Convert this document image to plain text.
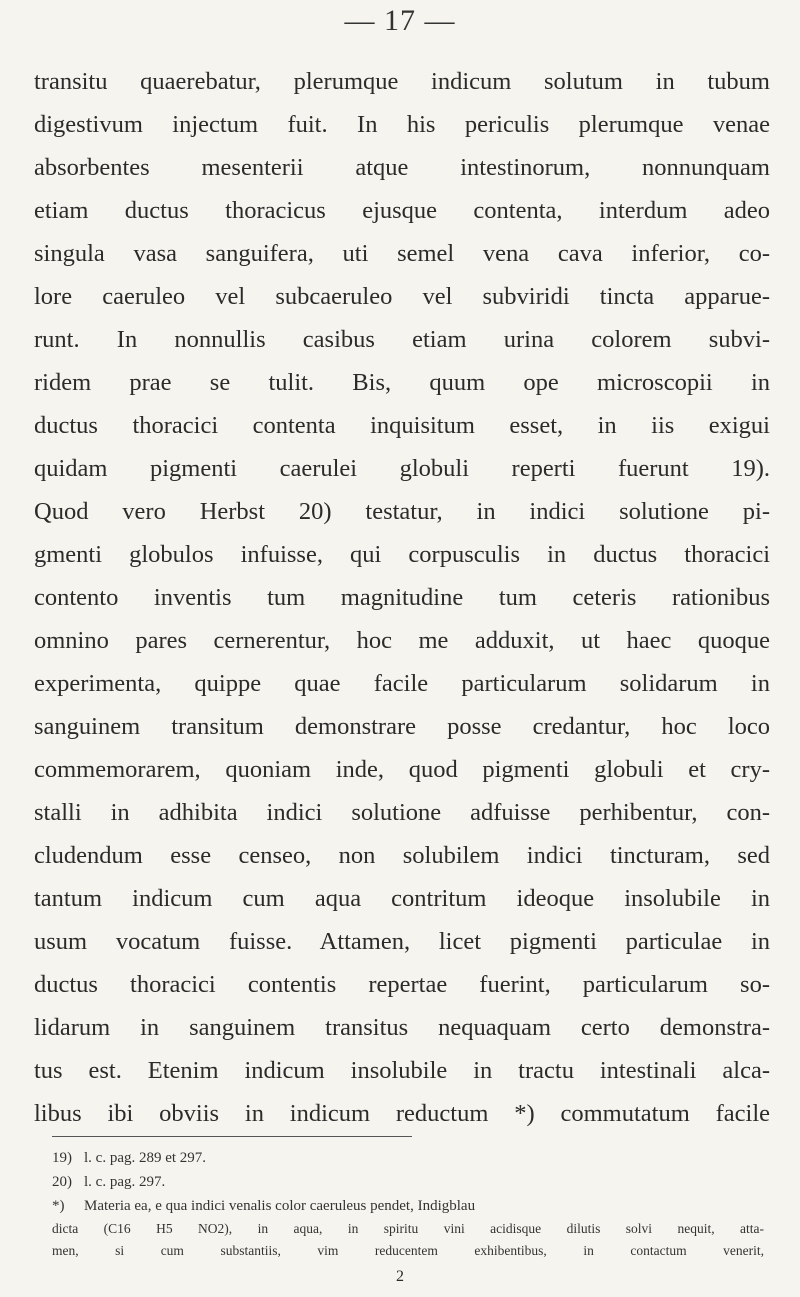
— 17 —
transitu quaerebatur, plerumque indicum solutum in tubum
digestivum injectum fuit. In his periculis plerumque venae
absorbentes mesenterii atque intestinorum, nonnunquam
etiam ductus thoracicus ejusque contenta, interdum adeo
singula vasa sanguifera, uti semel vena cava inferior, co-
lore caeruleo vel subcaeruleo vel subviridi tincta apparue-
runt. In nonnullis casibus etiam urina colorem subvi-
ridem prae se tulit. Bis, quum ope microscopii in
ductus thoracici contenta inquisitum esset, in iis exigui
quidam pigmenti caerulei globuli reperti fuerunt 19).
Quod vero Herbst 20) testatur, in indici solutione pi-
gmenti globulos infuisse, qui corpusculis in ductus thoracici
contento inventis tum magnitudine tum ceteris rationibus
omnino pares cernerentur, hoc me adduxit, ut haec quoque
experimenta, quippe quae facile particularum solidarum in
sanguinem transitum demonstrare posse credantur, hoc loco
commemorarem, quoniam inde, quod pigmenti globuli et cry-
stalli in adhibita indici solutione adfuisse perhibentur, con-
cludendum esse censeo, non solubilem indici tincturam, sed
tantum indicum cum aqua contritum ideoque insolubile in
usum vocatum fuisse. Attamen, licet pigmenti particulae in
ductus thoracici contentis repertae fuerint, particularum so-
lidarum in sanguinem transitus nequaquam certo demonstra-
tus est. Etenim indicum insolubile in tractu intestinali alca-
libus ibi obviis in indicum reductum *) commutatum facile
19) l. c. pag. 289 et 297.
20) l. c. pag. 297.
*) Materia ea, e qua indici venalis color caeruleus pendet, Indigblau
dicta (C16 H5 NO2), in aqua, in spiritu vini acidisque dilutis solvi nequit, atta-
men, si cum substantiis, vim reducentem exhibentibus, in contactum venerit,
2
